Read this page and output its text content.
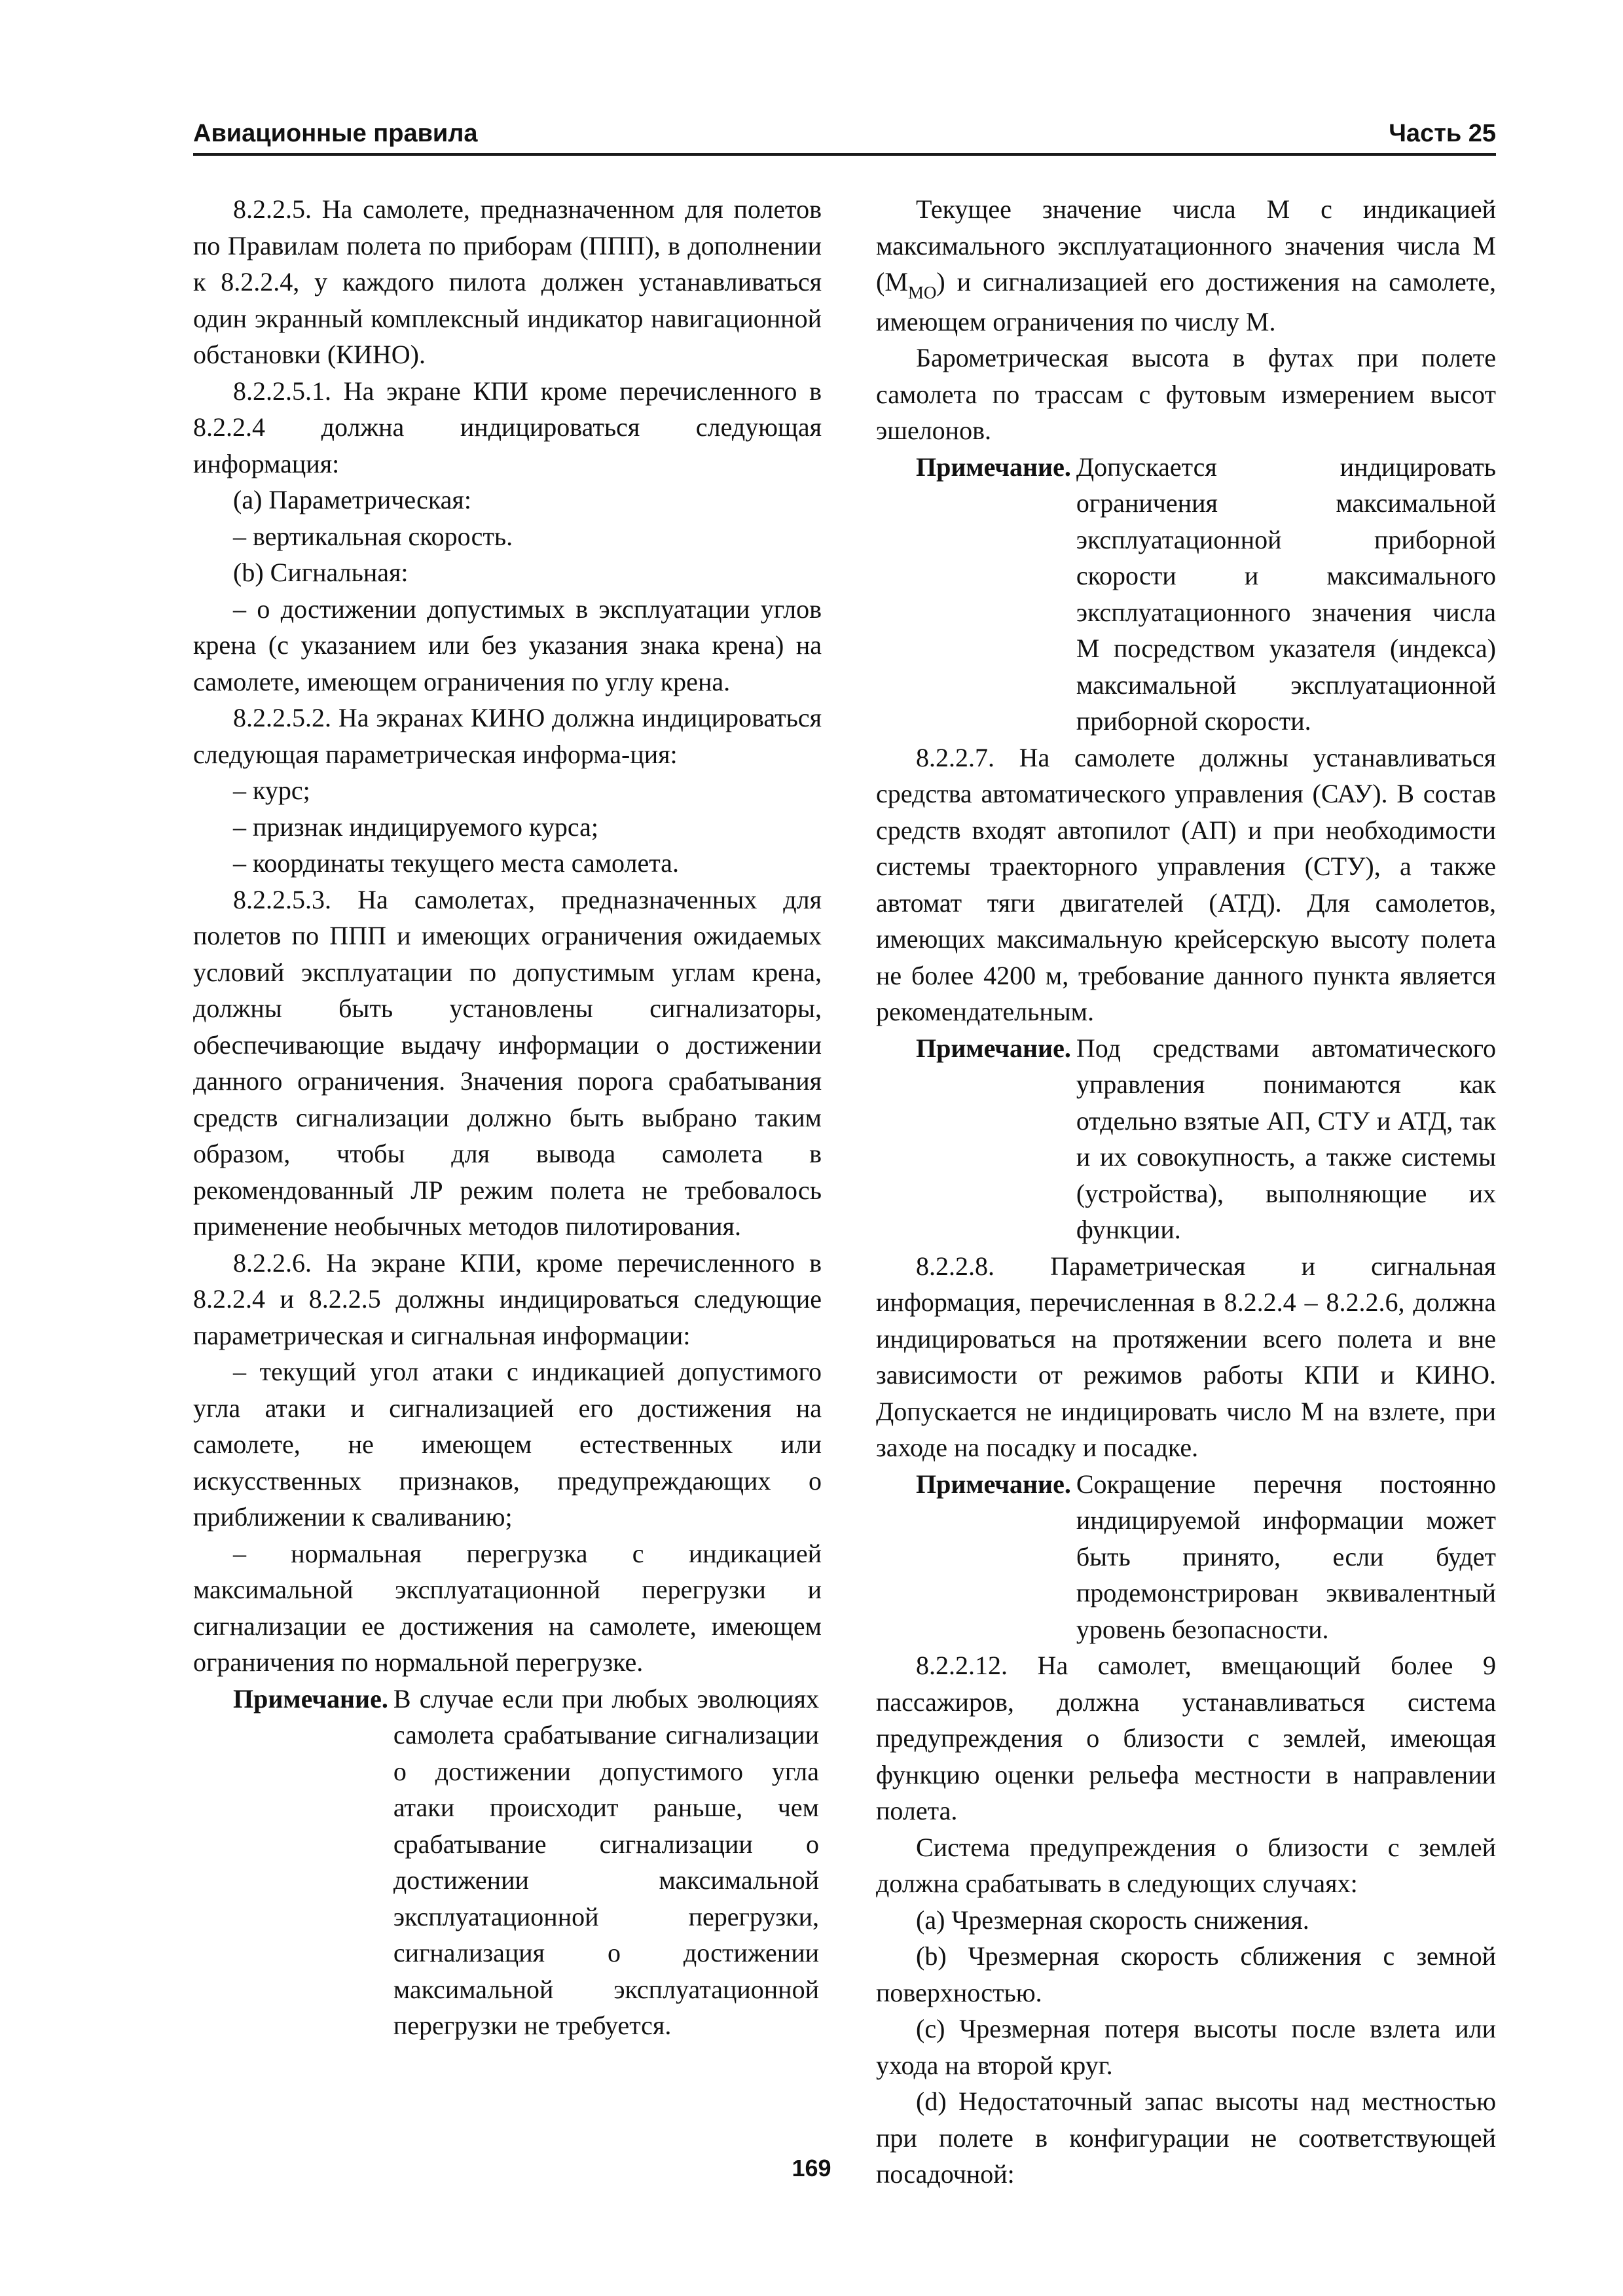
Авиационные правила	Часть 25

8.2.2.5. На самолете, предназначенном для полетов по Правилам полета по приборам (ППП), в дополнении к 8.2.2.4, у каждого пилота должен устанавливаться один экранный комплексный индикатор навигационной обстановки (КИНО).

8.2.2.5.1. На экране КПИ кроме перечисленного в 8.2.2.4 должна индицироваться следующая информация:

(a) Параметрическая:

– вертикальная скорость.

(b) Сигнальная:

– о достижении допустимых в эксплуатации углов крена (с указанием или без указания знака крена) на самолете, имеющем ограничения по углу крена.

8.2.2.5.2. На экранах КИНО должна индицироваться следующая параметрическая информа-ция:

– курс;

– признак индицируемого курса;

– координаты текущего места самолета.

8.2.2.5.3. На самолетах, предназначенных для полетов по ППП и имеющих ограничения ожидаемых условий эксплуатации по допустимым углам крена, должны быть установлены сигнализаторы, обеспечивающие выдачу информации о достижении данного ограничения. Значения порога срабатывания средств сигнализации должно быть выбрано таким образом, чтобы для вывода самолета в рекомендованный ЛР режим полета не требовалось применение необычных методов пилотирования.

8.2.2.6. На экране КПИ, кроме перечисленного в 8.2.2.4 и 8.2.2.5 должны индицироваться следующие параметрическая и сигнальная информации:

– текущий угол атаки с индикацией допустимого угла атаки и сигнализацией его достижения на самолете, не имеющем естественных или искусственных признаков, предупреждающих о приближении к сваливанию;

– нормальная перегрузка с индикацией максимальной эксплуатационной перегрузки и сигнализации ее достижения на самолете, имеющем ограничения по нормальной перегрузке.

Примечание. В случае если при любых эволюциях самолета срабатывание сигнализации о достижении допустимого угла атаки происходит раньше, чем срабатывание сигнализации о достижении максимальной эксплуатационной перегрузки, сигнализация о достижении максимальной эксплуатационной перегрузки не требуется.

Текущее значение числа М с индикацией максимального эксплуатационного значения числа М $(М_{МО})$ и сигнализацией его достижения на самолете, имеющем ограничения по числу М.

Барометрическая высота в футах при полете самолета по трассам с футовым измерением высот эшелонов.

Примечание. Допускается индицировать ограничения максимальной эксплуатационной приборной скорости и максимального эксплуатационного значения числа М посредством указателя (индекса) максимальной эксплуатационной приборной скорости.

8.2.2.7. На самолете должны устанавливаться средства автоматического управления (САУ). В состав средств входят автопилот (АП) и при необходимости системы траекторного управления (СТУ), а также автомат тяги двигателей (АТД). Для самолетов, имеющих максимальную крейсерскую высоту полета не более 4200 м, требование данного пункта является рекомендательным.

Примечание. Под средствами автоматического управления понимаются как отдельно взятые АП, СТУ и АТД, так и их совокупность, а также системы (устройства), выполняющие их функции.

8.2.2.8. Параметрическая и сигнальная информация, перечисленная в 8.2.2.4 – 8.2.2.6, должна индицироваться на протяжении всего полета и вне зависимости от режимов работы КПИ и КИНО. Допускается не индицировать число М на взлете, при заходе на посадку и посадке.

Примечание. Сокращение перечня постоянно индицируемой информации может быть принято, если будет продемонстрирован эквивалентный уровень безопасности.

8.2.2.12. На самолет, вмещающий более 9 пассажиров, должна устанавливаться система предупреждения о близости с землей, имеющая функцию оценки рельефа местности в направлении полета.

Система предупреждения о близости с землей должна срабатывать в следующих случаях:

(a) Чрезмерная скорость снижения.

(b) Чрезмерная скорость сближения с земной поверхностью.

(c) Чрезмерная потеря высоты после взлета или ухода на второй круг.

(d) Недостаточный запас высоты над местностью при полете в конфигурации не соответствующей посадочной:

169
